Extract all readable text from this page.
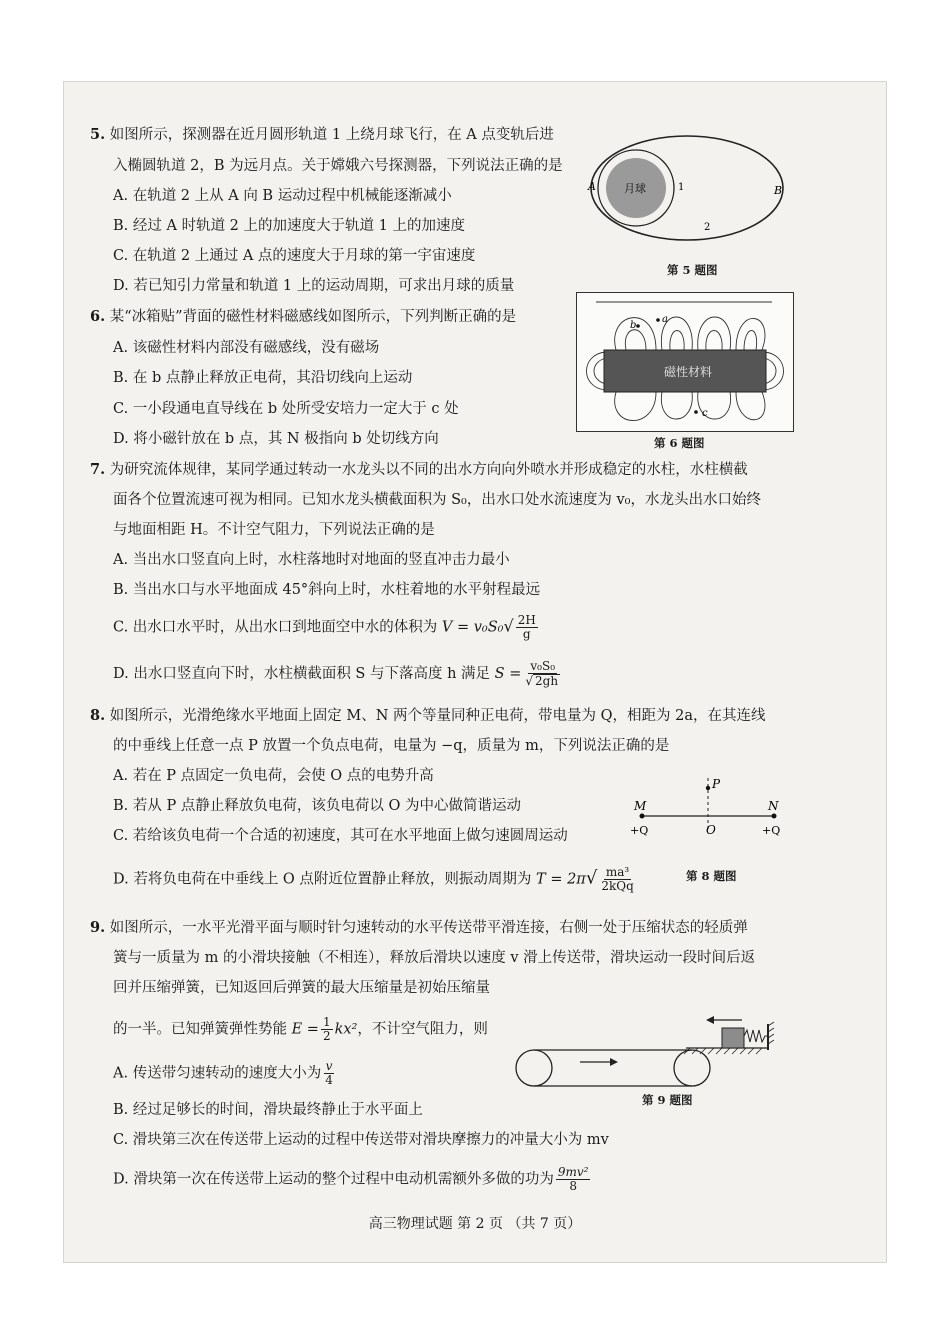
5. 如图所示，探测器在近月圆形轨道 1 上绕月球飞行，在 A 点变轨后进
入椭圆轨道 2，B 为远月点。关于嫦娥六号探测器，下列说法正确的是
A. 在轨道 2 上从 A 向 B 运动过程中机械能逐渐减小
B. 经过 A 时轨道 2 上的加速度大于轨道 1 上的加速度
C. 在轨道 2 上通过 A 点的速度大于月球的第一宇宙速度
D. 若已知引力常量和轨道 1 上的运动周期，可求出月球的质量
月球
A	B
1
2
第 5 题图
6. 某“冰箱贴”背面的磁性材料磁感线如图所示，下列判断正确的是
A. 该磁性材料内部没有磁感线，没有磁场
B. 在 b 点静止释放正电荷，其沿切线向上运动
C. 一小段通电直导线在 b 处所受安培力一定大于 c 处
D. 将小磁针放在 b 点，其 N 极指向 b 处切线方向
磁性材料
a
b
c
第 6 题图
7. 为研究流体规律，某同学通过转动一水龙头以不同的出水方向向外喷水并形成稳定的水柱，水柱横截
面各个位置流速可视为相同。已知水龙头横截面积为 S₀，出水口处水流速度为 v₀，水龙头出水口始终
与地面相距 H。不计空气阻力，下列说法正确的是
A. 当出水口竖直向上时，水柱落地时对地面的竖直冲击力最小
B. 当出水口与水平地面成 45°斜向上时，水柱着地的水平射程最远
C. 出水口水平时，从出水口到地面空中水的体积为 $V = v_0S_0√ \frac{2H}{g}$
D. 出水口竖直向下时，水柱横截面积 S 与下落高度 h 满足 $S = \frac{\text{v₀S₀}}{√ 2gh}$
8. 如图所示，光滑绝缘水平地面上固定 M、N 两个等量同种正电荷，带电量为 Q，相距为 2a，在其连线
的中垂线上任意一点 P 放置一个负点电荷，电量为 −q，质量为 m，下列说法正确的是
A. 若在 P 点固定一负电荷，会使 O 点的电势升高
B. 若从 P 点静止释放负电荷，该负电荷以 O 为中心做简谐运动
C. 若给该负电荷一个合适的初速度，其可在水平地面上做匀速圆周运动
D. 若将负电荷在中垂线上 O 点附近位置静止释放，则振动周期为 $T = 2\pi√ \frac{\text{ma³}}{\text{2kQq}}$
M	N
P
O
+Q	+Q
第 8 题图
9. 如图所示，一水平光滑平面与顺时针匀速转动的水平传送带平滑连接，右侧一处于压缩状态的轻质弹
簧与一质量为 m 的小滑块接触（不相连），释放后滑块以速度 v 滑上传送带，滑块运动一段时间后返
回并压缩弹簧，已知返回后弹簧的最大压缩量是初始压缩量
的一半。已知弹簧弹性势能 $E = \frac{1}{2} kx^2$，不计空气阻力，则
A. 传送带匀速转动的速度大小为 $\frac{v}{4}$
B. 经过足够长的时间，滑块最终静止于水平面上
C. 滑块第三次在传送带上运动的过程中传送带对滑块摩擦力的冲量大小为 mv
D. 滑块第一次在传送带上运动的整个过程中电动机需额外多做的功为 $\frac{\text{9mv²}}{8}$
第 9 题图
高三物理试题 第 2 页 （共 7 页）
